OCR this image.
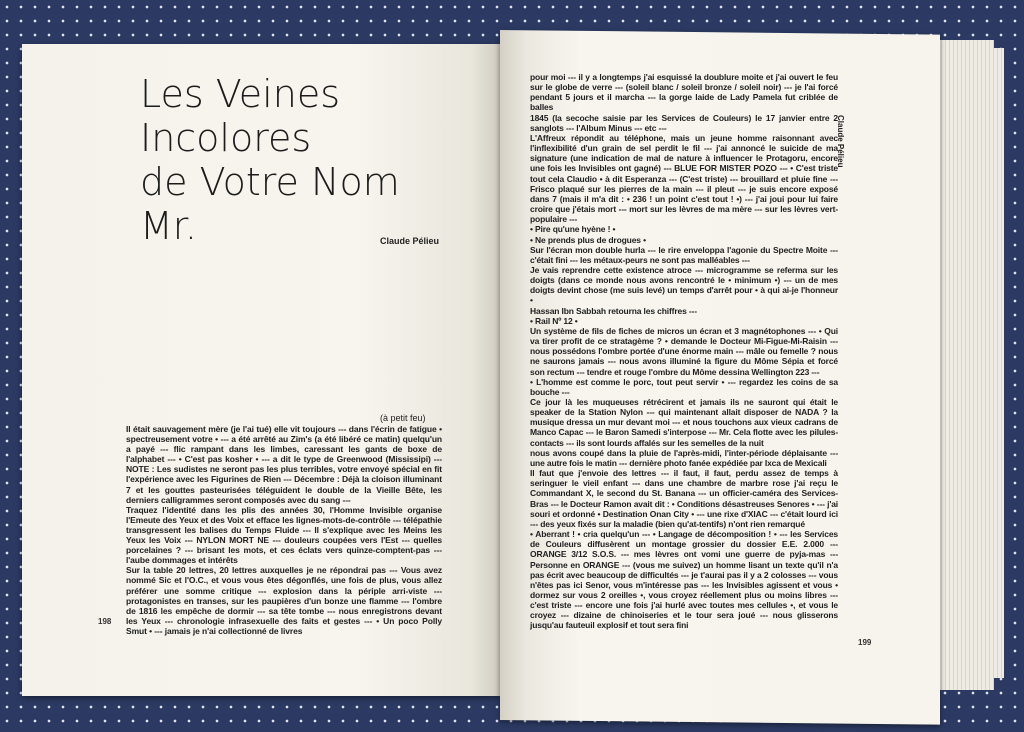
Les Veines
Incolores
de Votre Nom
Mr.	Claude Pélieu
(à petit feu)

Il était sauvagement mère (je l'ai tué) elle vit toujours --- dans l'écrin de fatigue • spectreusement votre • --- a été arrêté au Zim's (a été libéré ce matin) quelqu'un a payé --- flic rampant dans les limbes, caressant les gants de boxe de l'alphabet --- • C'est pas kosher • --- a dit le type de Greenwood (Mississipi) --- NOTE : Les sudistes ne seront pas les plus terribles, votre envoyé spécial en fit l'expérience avec les Figurines de Rien --- Décembre : Déjà la cloison illuminant 7 et les gouttes pasteurisées téléguident le double de la Vieille Bête, les derniers calligrammes seront composés avec du sang ---

Traquez l'identité dans les plis des années 30, l'Homme Invisible organise l'Emeute des Yeux et des Voix et efface les lignes-mots-de-contrôle --- télépathie transgressent les balises du Temps Fluide --- Il s'explique avec les Meins les Yeux les Voix --- NYLON MORT NE --- douleurs coupées vers l'Est --- quelles porcelaines ? --- brisant les mots, et ces éclats vers quinze-comptent-pas --- l'aube dommages et intérêts

Sur la table 20 lettres, 20 lettres auxquelles je ne répondrai pas --- Vous avez nommé Sic et l'O.C., et vous vous êtes dégonflés, une fois de plus, vous allez préférer une somme critique --- explosion dans la périple arri-viste --- protagonistes en transes, sur les paupières d'un bonze une flamme --- l'ombre de 1816 les empêche de dormir --- sa tête tombe --- nous enregistrons devant les Yeux --- chronologie infrasexuelle des faits et gestes --- • Un poco Polly Smut • --- jamais je n'ai collectionné de livres

198

pour moi --- il y a longtemps j'ai esquissé la doublure moite et j'ai ouvert le feu sur le globe de verre --- (soleil blanc / soleil bronze / soleil noir) --- je l'ai forcé pendant 5 jours et il marcha --- la gorge laide de Lady Pamela fut criblée de balles

1845 (la secoche saisie par les Services de Couleurs) le 17 janvier entre 2 sanglots --- l'Album Minus --- etc ---

L'Affreux répondit au téléphone, mais un jeune homme raisonnant avec l'inflexibilité d'un grain de sel perdit le fil --- j'ai annoncé le suicide de ma signature (une indication de mal de nature à influencer le Protagoru, encore une fois les Invisibles ont gagné) --- BLUE FOR MISTER POZO --- • C'est triste tout cela Claudio • à dit Esperanza --- (C'est triste) --- brouillard et pluie fine --- Frisco plaqué sur les pierres de la main --- il pleut --- je suis encore exposé dans 7 (mais il m'a dit : • 236 ! un point c'est tout ! •) --- j'ai joui pour lui faire croire que j'étais mort --- mort sur les lèvres de ma mère --- sur les lèvres vert-populaire ---

• Pire qu'une hyène ! •

• Ne prends plus de drogues •

Sur l'écran mon double hurla --- le rire enveloppa l'agonie du Spectre Moite --- c'était fini --- les métaux-peurs ne sont pas malléables ---

Je vais reprendre cette existence atroce --- microgramme se referma sur les doigts (dans ce monde nous avons rencontré le • minimum •) --- un de mes doigts devint chose (me suis levé) un temps d'arrêt pour • à qui ai-je l'honneur •

Hassan Ibn Sabbah retourna les chiffres ---

• Rail Nº 12 •

Un système de fils de fiches de micros un écran et 3 magnétophones --- • Qui va tirer profit de ce stratagème ? • demande le Docteur Mi-Figue-Mi-Raisin --- nous possédons l'ombre portée d'une énorme main --- mâle ou femelle ? nous ne saurons jamais --- nous avons illuminé la figure du Môme Sépia et forcé son rectum --- tendre et rouge l'ombre du Môme dessina Wellington 223 ---

• L'homme est comme le porc, tout peut servir • --- regardez les coins de sa bouche ---

Ce jour là les muqueuses rétrécirent et jamais ils ne sauront qui était le speaker de la Station Nylon --- qui maintenant allait disposer de NADA ? la musique dressa un mur devant moi --- et nous touchons aux vieux cadrans de Manco Capac --- le Baron Samedi s'interpose --- Mr. Cela flotte avec les pilules-contacts --- ils sont lourds affalés sur les semelles de la nuit

nous avons coupé dans la pluie de l'après-midi, l'inter-période déplaisante --- une autre fois le matin --- dernière photo fanée expédiée par Ixca de Mexicali

Il faut que j'envoie des lettres --- il faut, il faut, perdu assez de temps à seringuer le vieil enfant --- dans une chambre de marbre rose j'ai reçu le Commandant X, le second du St. Banana --- un officier-caméra des Services-Bras --- le Docteur Ramon avait dit : • Conditions désastreuses Senores • --- j'ai souri et ordonné • Destination Onan City • --- une rixe d'XIAC --- c'était lourd ici --- des yeux fixés sur la maladie (bien qu'at-tentifs) n'ont rien remarqué

• Aberrant ! • cria quelqu'un --- • Langage de décomposition ! • --- les Services de Couleurs diffusèrent un montage grossier du dossier E.E. 2.000 --- ORANGE 3/12 S.O.S. --- mes lèvres ont vomi une guerre de pyja-mas --- Personne en ORANGE --- (vous me suivez) un homme lisant un texte qu'il n'a pas écrit avec beaucoup de difficultés --- je t'aurai pas il y a 2 colosses --- vous n'êtes pas ici Senor, vous m'intéresse pas --- les Invisibles agissent et vous • dormez sur vous 2 oreilles •, vous croyez réellement plus ou moins libres --- c'est triste --- encore une fois j'ai hurlé avec toutes mes cellules •, et vous le croyez --- dizaine de chinoiseries et le tour sera joué --- nous glisserons jusqu'au fauteuil explosif et tout sera fini

Claude Pélieu
199
